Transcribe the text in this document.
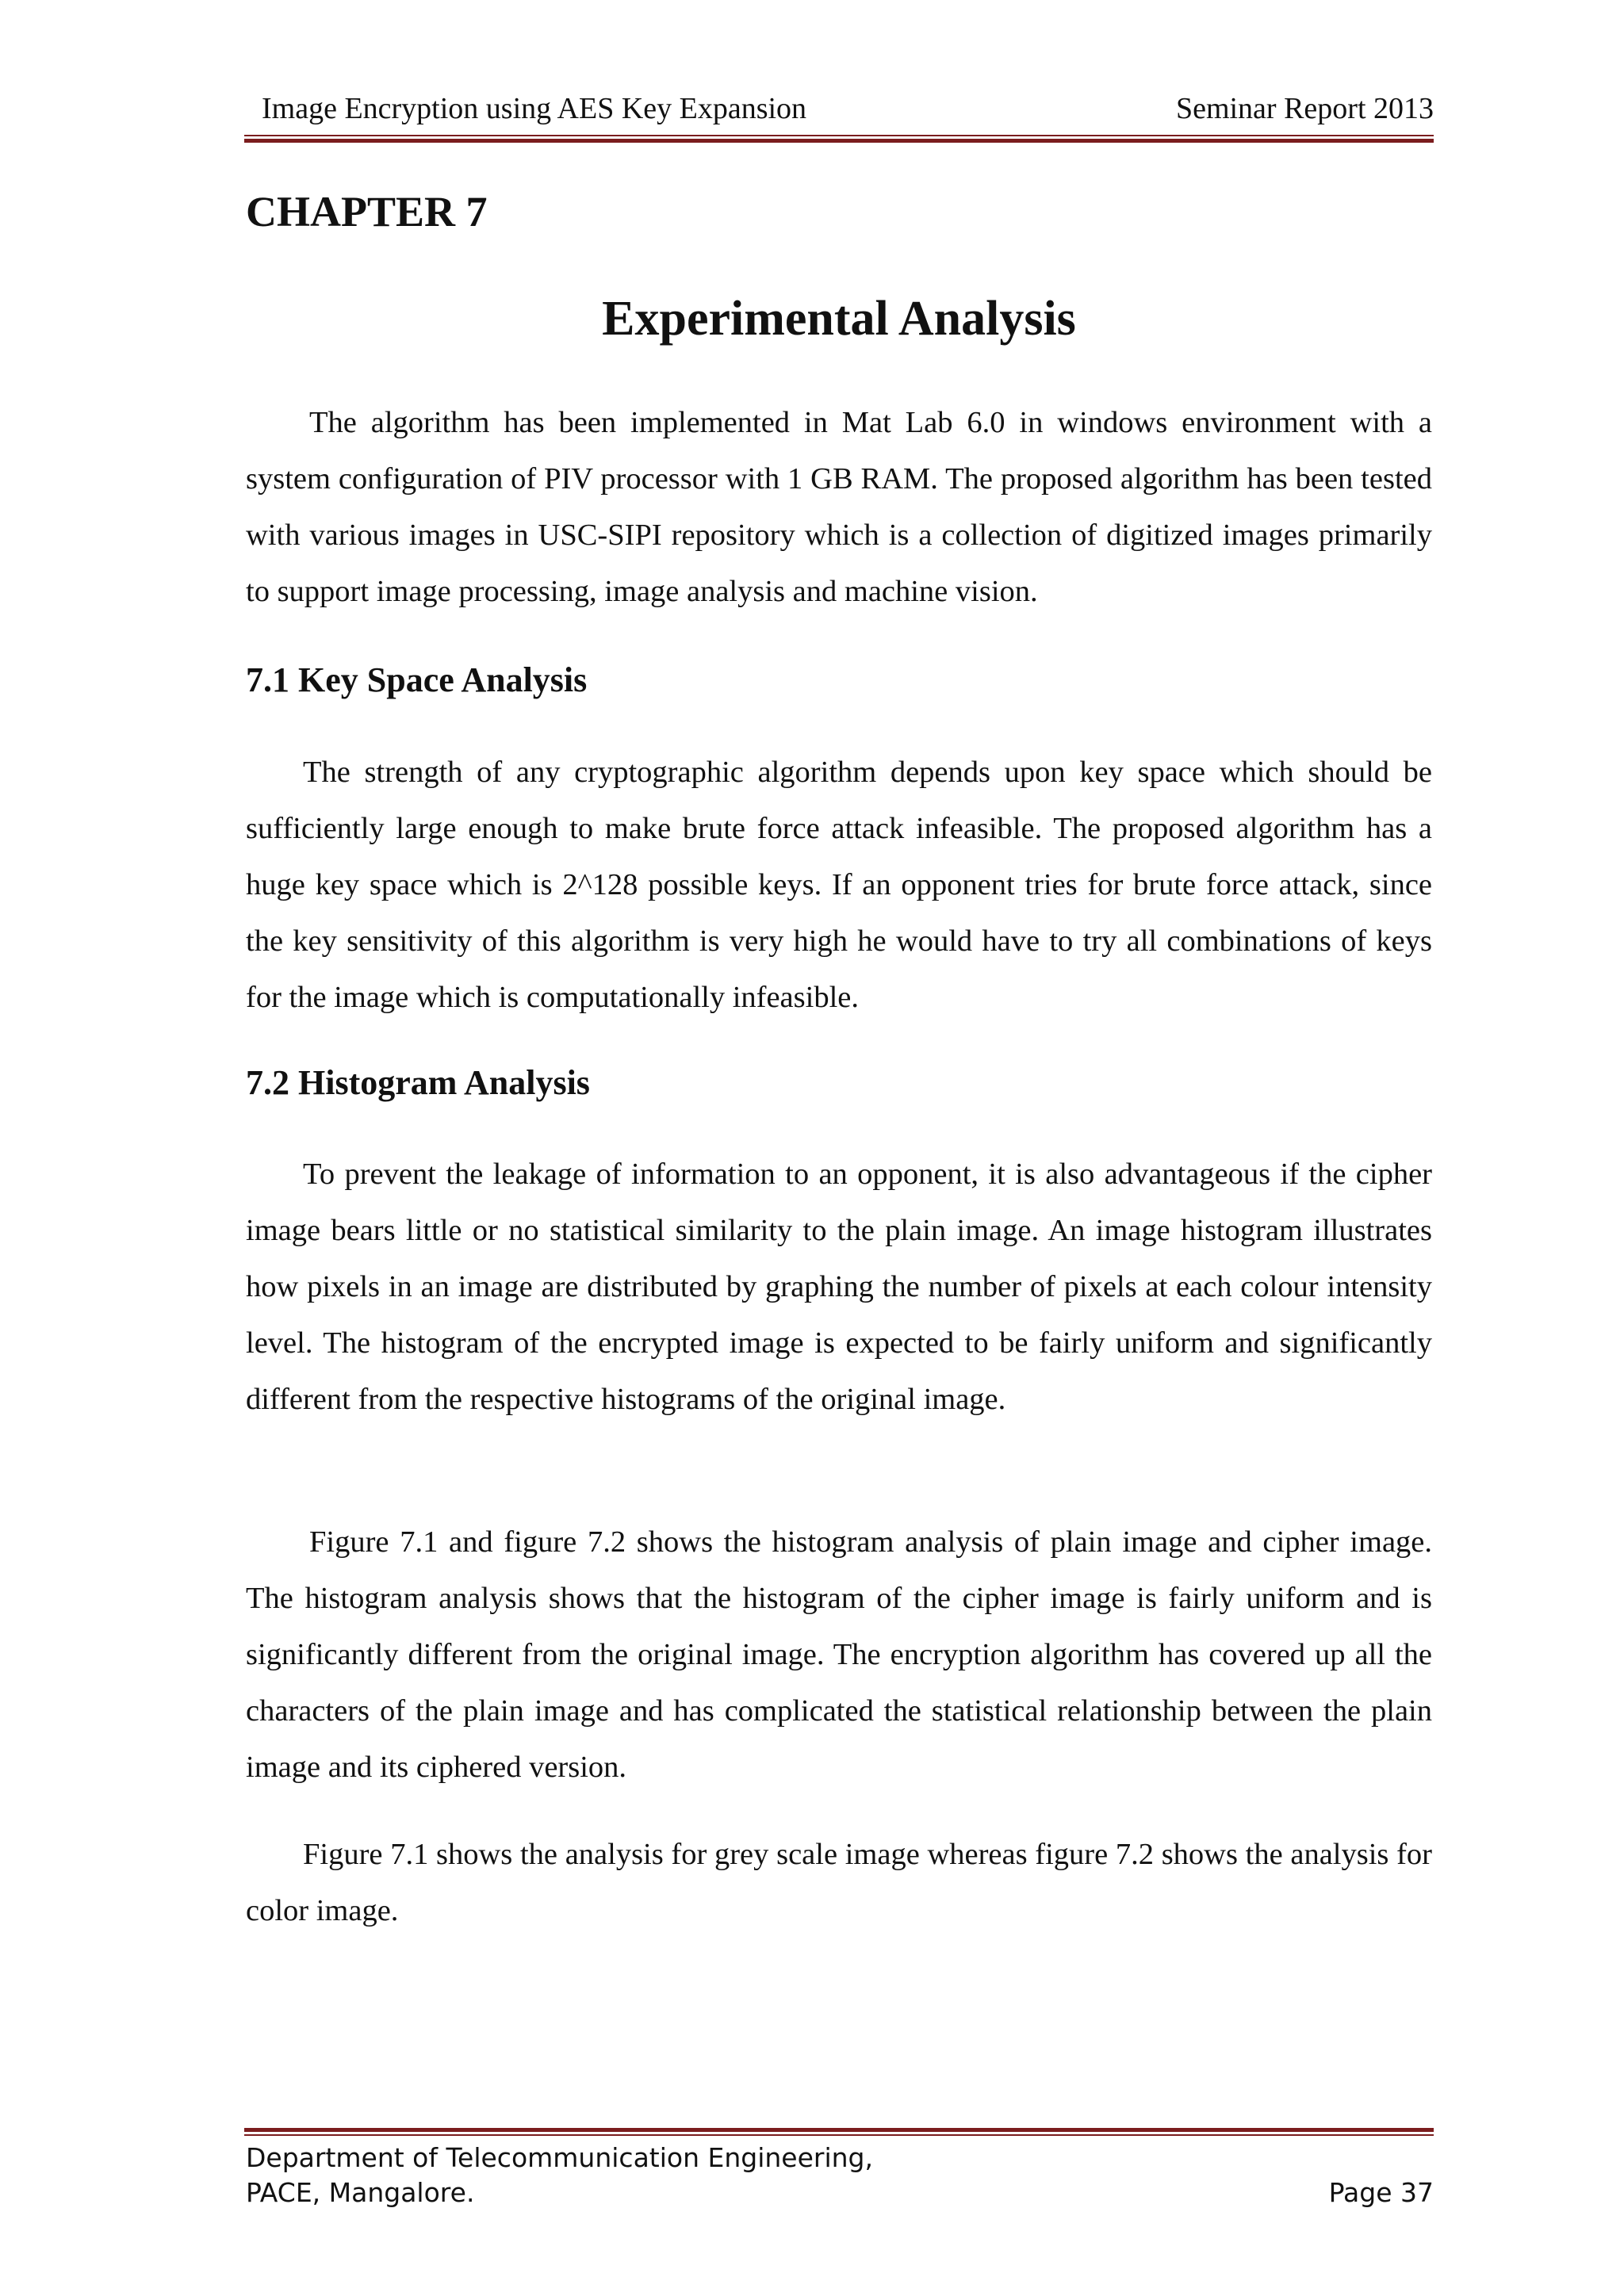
Image Encryption using AES Key Expansion	Seminar Report 2013
CHAPTER 7
Experimental Analysis

The algorithm has been implemented in Mat Lab 6.0 in windows environment with a system configuration of PIV processor with 1 GB RAM. The proposed algorithm has been tested with various images in USC-SIPI repository which is a collection of digitized images primarily to support image processing, image analysis and machine vision.

7.1 Key Space Analysis

The strength of any cryptographic algorithm depends upon key space which should be sufficiently large enough to make brute force attack infeasible. The proposed algorithm has a huge key space which is 2^128 possible keys. If an opponent tries for brute force attack, since the key sensitivity of this algorithm is very high he would have to try all combinations of keys for the image which is computationally infeasible.

7.2 Histogram Analysis

To prevent the leakage of information to an opponent, it is also advantageous if the cipher image bears little or no statistical similarity to the plain image. An image histogram illustrates how pixels in an image are distributed by graphing the number of pixels at each colour intensity level. The histogram of the encrypted image is expected to be fairly uniform and significantly different from the respective histograms of the original image.

Figure 7.1 and figure 7.2 shows the histogram analysis of plain image and cipher image. The histogram analysis shows that the histogram of the cipher image is fairly uniform and is significantly different from the original image. The encryption algorithm has covered up all the characters of the plain image and has complicated the statistical relationship between the plain image and its ciphered version.

Figure 7.1 shows the analysis for grey scale image whereas figure 7.2 shows the analysis for color image.

Department of Telecommunication Engineering,
PACE, Mangalore.	Page 37
